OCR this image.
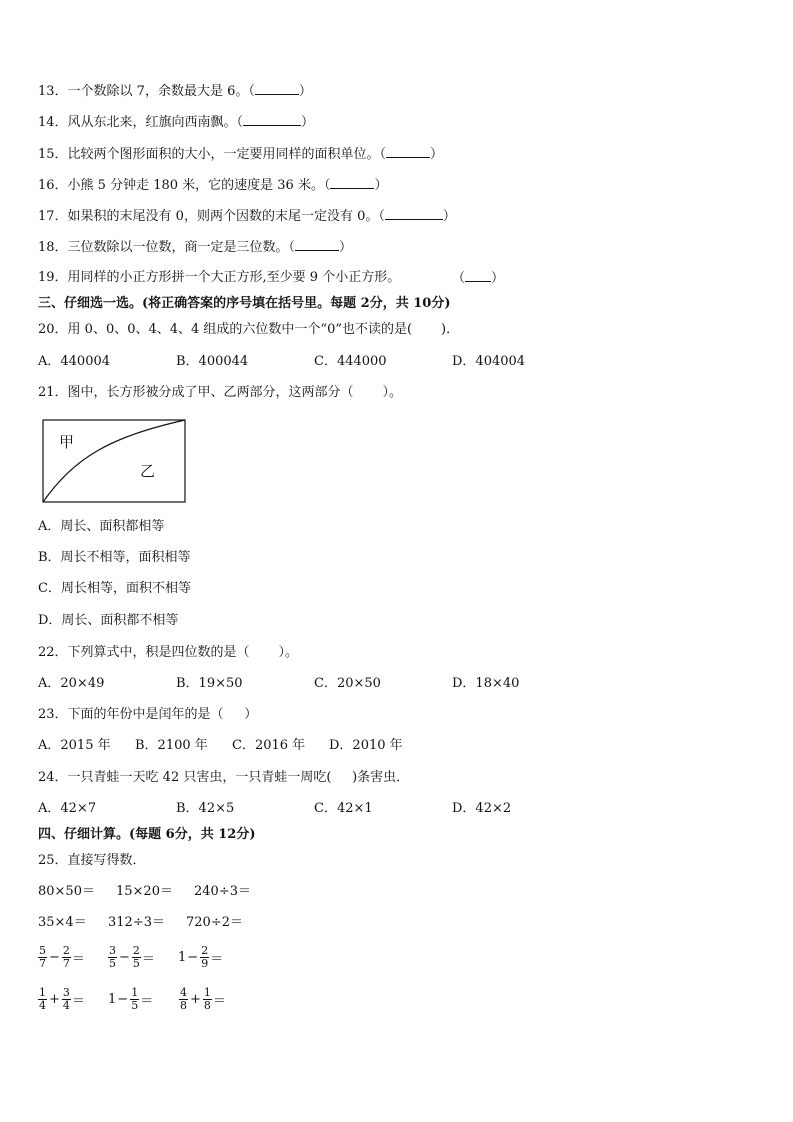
13．一个数除以 7，余数最大是 6。（	）
14．风从东北来，红旗向西南飘。（	）
15．比较两个图形面积的大小，一定要用同样的面积单位。（	）
16．小熊 5 分钟走 180 米，它的速度是 36 米。（	）
17．如果积的末尾没有 0，则两个因数的末尾一定没有 0。（	）
18．三位数除以一位数，商一定是三位数。（	）
19．用同样的小正方形拼一个大正方形,至少要 9 个小正方形。	（ ）
三、仔细选一选。(将正确答案的序号填在括号里。每题 2分，共 10分)
20．用 0、0、0、4、4、4 组成的六位数中一个“0”也不读的是(       )．
A．440004	B．400044	C．444000	D．404004
21．图中，长方形被分成了甲、乙两部分，这两部分（       ）。
甲
乙
A．周长、面积都相等
B．周长不相等，面积相等
C．周长相等，面积不相等
D．周长、面积都不相等
22．下列算式中，积是四位数的是（       ）。
A．20×49	B．19×50	C．20×50	D．18×40
23．下面的年份中是闰年的是（     ）
A．2015 年 B．2100 年 C．2016 年 D．2010 年
24．一只青蛙一天吃 42 只害虫，一只青蛙一周吃(     )条害虫．
A．42×7	B．42×5	C．42×1	D．42×2
四、仔细计算。(每题 6分，共 12分)
25．直接写得数．
80×50＝ 15×20＝ 240÷3＝
35×4＝ 312÷3＝ 720÷2＝
$\frac{5}{7} - \frac{2}{7} = \frac{3}{5} - \frac{2}{5} = 1 - \frac{2}{9}$ ＝
$\frac{1}{4} + \frac{3}{4} = 1 - \frac{1}{5} = \frac{4}{8} + \frac{1}{8}$ ＝
